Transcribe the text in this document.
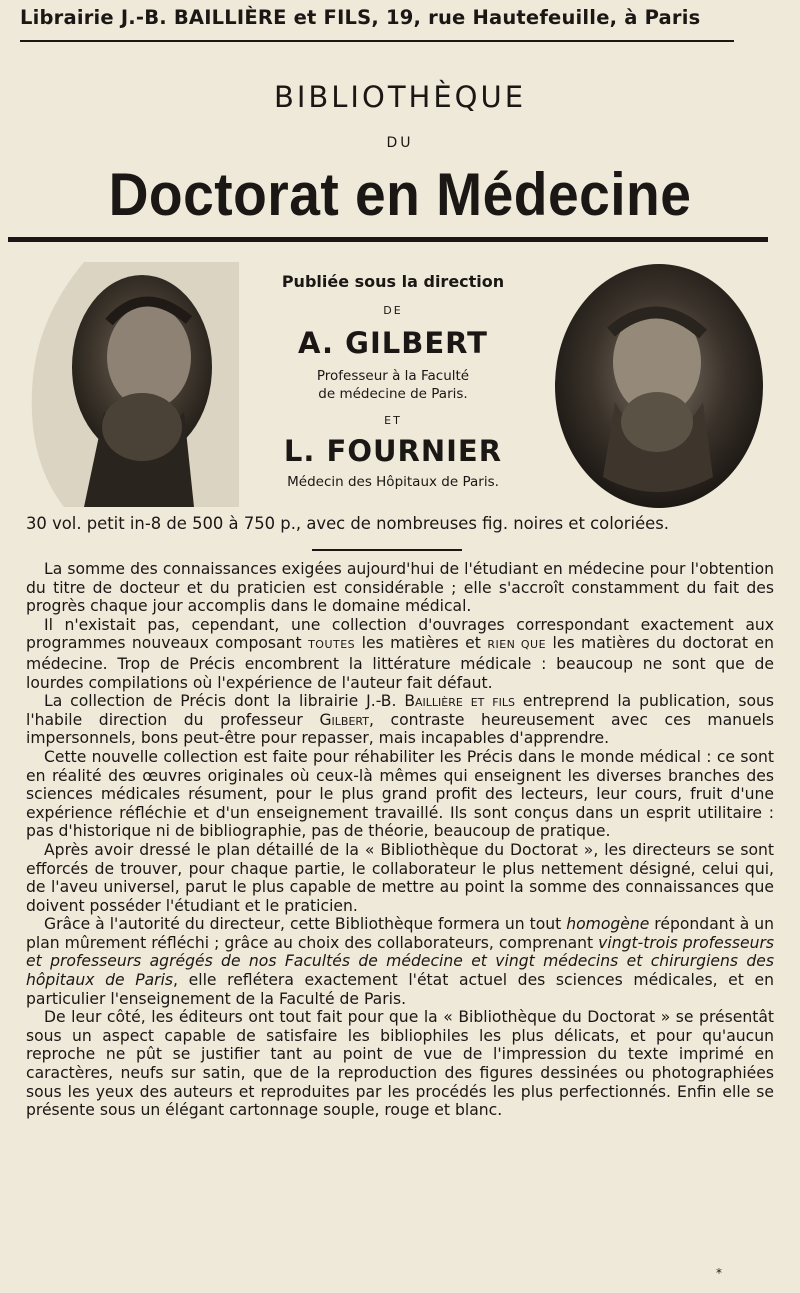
Librairie J.-B. BAILLIÈRE et FILS, 19, rue Hautefeuille, à Paris
BIBLIOTHÈQUE
DU
Doctorat en Médecine
Publiée sous la direction
DE
A. GILBERT
Professeur à la Faculté
de médecine de Paris.
ET
L. FOURNIER
Médecin des Hôpitaux de Paris.
30 vol. petit in-8 de 500 à 750 p., avec de nombreuses fig. noires et coloriées.

La somme des connaissances exigées aujourd'hui de l'étudiant en médecine pour l'obtention du titre de docteur et du praticien est considérable ; elle s'accroît constamment du fait des progrès chaque jour accomplis dans le domaine médical.

Il n'existait pas, cependant, une collection d'ouvrages correspondant exactement aux programmes nouveaux composant TOUTES les matières et RIEN QUE les matières du doctorat en médecine. Trop de Précis encombrent la littérature médicale : beaucoup ne sont que de lourdes compilations où l'expérience de l'auteur fait défaut.

La collection de Précis dont la librairie J.-B. Baillière et fils entreprend la publication, sous l'habile direction du professeur Gilbert, contraste heureusement avec ces manuels impersonnels, bons peut-être pour repasser, mais incapables d'apprendre.

Cette nouvelle collection est faite pour réhabiliter les Précis dans le monde médical : ce sont en réalité des œuvres originales où ceux-là mêmes qui enseignent les diverses branches des sciences médicales résument, pour le plus grand profit des lecteurs, leur cours, fruit d'une expérience réfléchie et d'un enseignement travaillé. Ils sont conçus dans un esprit utilitaire : pas d'historique ni de bibliographie, pas de théorie, beaucoup de pratique.

Après avoir dressé le plan détaillé de la « Bibliothèque du Doctorat », les directeurs se sont efforcés de trouver, pour chaque partie, le collaborateur le plus nettement désigné, celui qui, de l'aveu universel, parut le plus capable de mettre au point la somme des connaissances que doivent posséder l'étudiant et le praticien.

Grâce à l'autorité du directeur, cette Bibliothèque formera un tout homogène répondant à un plan mûrement réfléchi ; grâce au choix des collaborateurs, comprenant vingt-trois professeurs et professeurs agrégés de nos Facultés de médecine et vingt médecins et chirurgiens des hôpitaux de Paris, elle reflétera exactement l'état actuel des sciences médicales, et en particulier l'enseignement de la Faculté de Paris.

De leur côté, les éditeurs ont tout fait pour que la « Bibliothèque du Doctorat » se présentât sous un aspect capable de satisfaire les bibliophiles les plus délicats, et pour qu'aucun reproche ne pût se justifier tant au point de vue de l'impression du texte imprimé en caractères, neufs sur satin, que de la reproduction des figures dessinées ou photographiées sous les yeux des auteurs et reproduites par les procédés les plus perfectionnés. Enfin elle se présente sous un élégant cartonnage souple, rouge et blanc.

*
